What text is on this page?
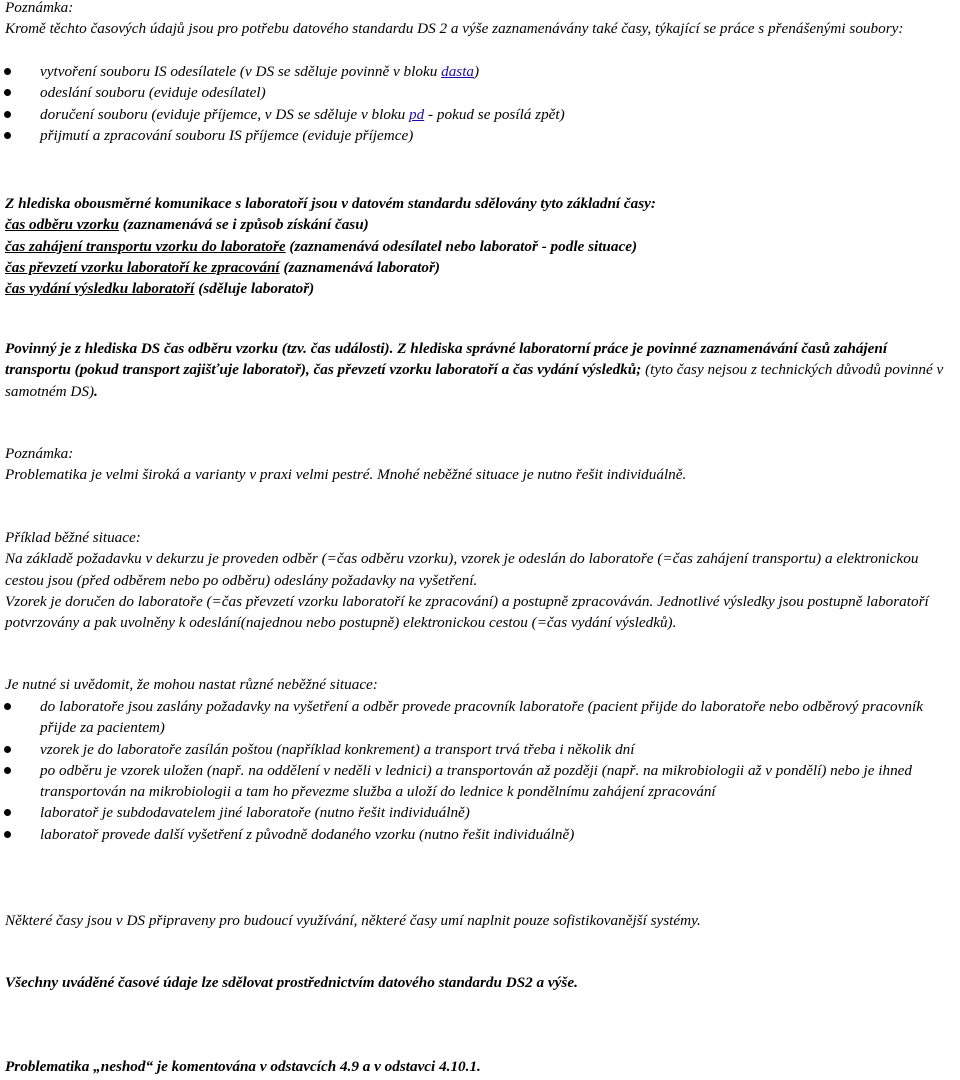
Poznámka:
Kromě těchto časových údajů jsou pro potřebu datového standardu DS 2 a výše zaznamenávány také časy, týkající se práce s přenášenými soubory:
vytvoření souboru IS odesílatele (v DS se sděluje povinně v bloku dasta)
odeslání souboru (eviduje odesílatel)
doručení souboru (eviduje příjemce, v DS se sděluje v bloku pd - pokud se posílá zpět)
přijmutí a zpracování souboru IS příjemce (eviduje příjemce)
Z hlediska obousměrné komunikace s laboratoří jsou v datovém standardu sdělovány tyto základní časy:
čas odběru vzorku (zaznamenává se i způsob získání času)
čas zahájení transportu vzorku do laboratoře (zaznamenává odesílatel nebo laboratoř - podle situace)
čas převzetí vzorku laboratoří ke zpracování (zaznamenává laboratoř)
čas vydání výsledku laboratoří (sděluje laboratoř)

Povinný je z hlediska DS čas odběru vzorku (tzv. čas události). Z hlediska správné laboratorní práce je povinné zaznamenávání časů zahájení transportu (pokud transport zajišťuje laboratoř), čas převzetí vzorku laboratoří a čas vydání výsledků; (tyto časy nejsou z technických důvodů povinné v samotném DS).

Poznámka:
Problematika je velmi široká a varianty v praxi velmi pestré. Mnohé neběžné situace je nutno řešit individuálně.
Příklad běžné situace:
Na základě požadavku v dekurzu je proveden odběr (=čas odběru vzorku), vzorek je odeslán do laboratoře (=čas zahájení transportu) a elektronickou cestou jsou (před odběrem nebo po odběru) odeslány požadavky na vyšetření.
Vzorek je doručen do laboratoře (=čas převzetí vzorku laboratoří ke zpracování) a postupně zpracováván. Jednotlivé výsledky jsou postupně laboratoří potvrzovány a pak uvolněny k odeslání(najednou nebo postupně) elektronickou cestou (=čas vydání výsledků).
Je nutné si uvědomit, že mohou nastat různé neběžné situace:
do laboratoře jsou zaslány požadavky na vyšetření a odběr provede pracovník laboratoře (pacient přijde do laboratoře nebo odběrový pracovník přijde za pacientem)
vzorek je do laboratoře zasílán poštou (například konkrement) a transport trvá třeba i několik dní
po odběru je vzorek uložen (např. na oddělení v neděli v lednici) a transportován až později (např. na mikrobiologii až v pondělí) nebo je ihned transportován na mikrobiologii a tam ho převezme služba a uloží do lednice k pondělnímu zahájení zpracování
laboratoř je subdodavatelem jiné laboratoře (nutno řešit individuálně)
laboratoř provede další vyšetření z původně dodaného vzorku (nutno řešit individuálně)

Některé časy jsou v DS připraveny pro budoucí využívání, některé časy umí naplnit pouze sofistikovanější systémy.

Všechny uváděné časové údaje lze sdělovat prostřednictvím datového standardu DS2 a výše.

Problematika „neshod“ je komentována v odstavcích 4.9 a v odstavci 4.10.1.
